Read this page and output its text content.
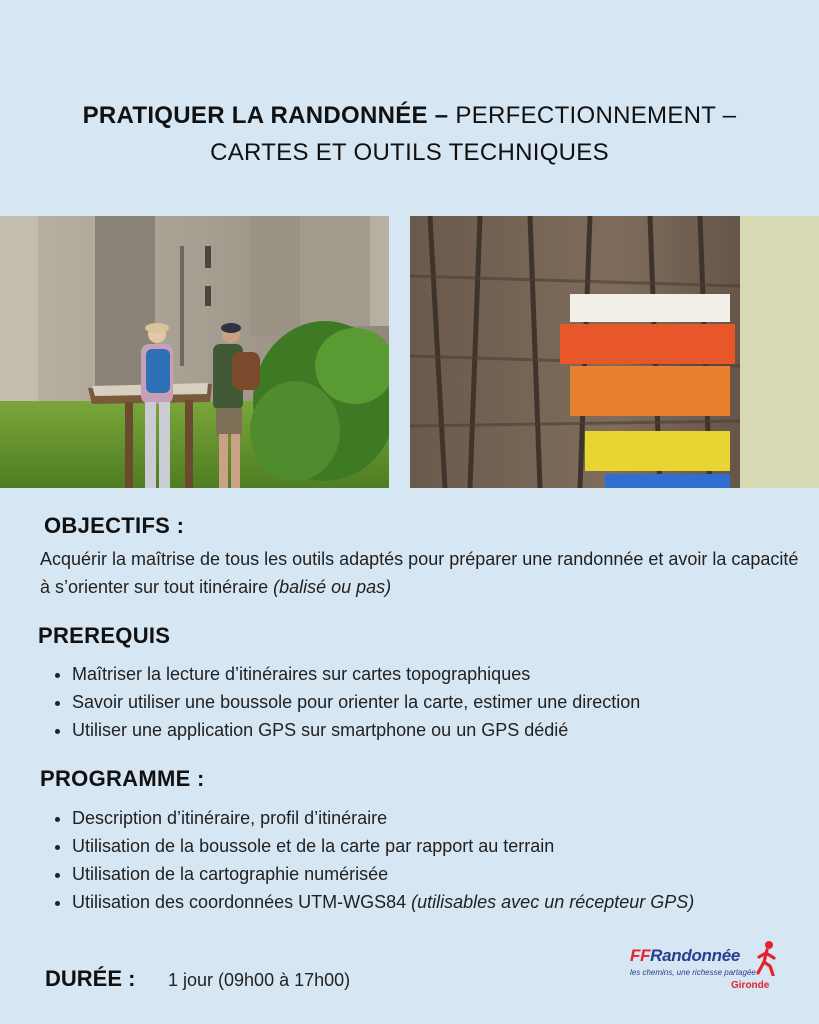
PRATIQUER LA RANDONNÉE – PERFECTIONNEMENT –
CARTES ET OUTILS TECHNIQUES
OBJECTIFS :
Acquérir la maîtrise de tous les outils adaptés pour préparer une randonnée et avoir la capacité à s’orienter sur tout itinéraire (balisé ou pas)
PREREQUIS
• Maîtriser la lecture d’itinéraires sur cartes topographiques
• Savoir utiliser une boussole pour orienter la carte, estimer une direction
• Utiliser une application GPS sur smartphone ou un GPS dédié
PROGRAMME :
• Description d’itinéraire, profil d’itinéraire
• Utilisation de la boussole et de la carte par rapport au terrain
• Utilisation de la cartographie numérisée
• Utilisation des coordonnées UTM-WGS84 (utilisables avec un récepteur GPS)
DURÉE : 1 jour (09h00 à 17h00)
FFRandonnée
les chemins, une richesse partagée
Gironde
